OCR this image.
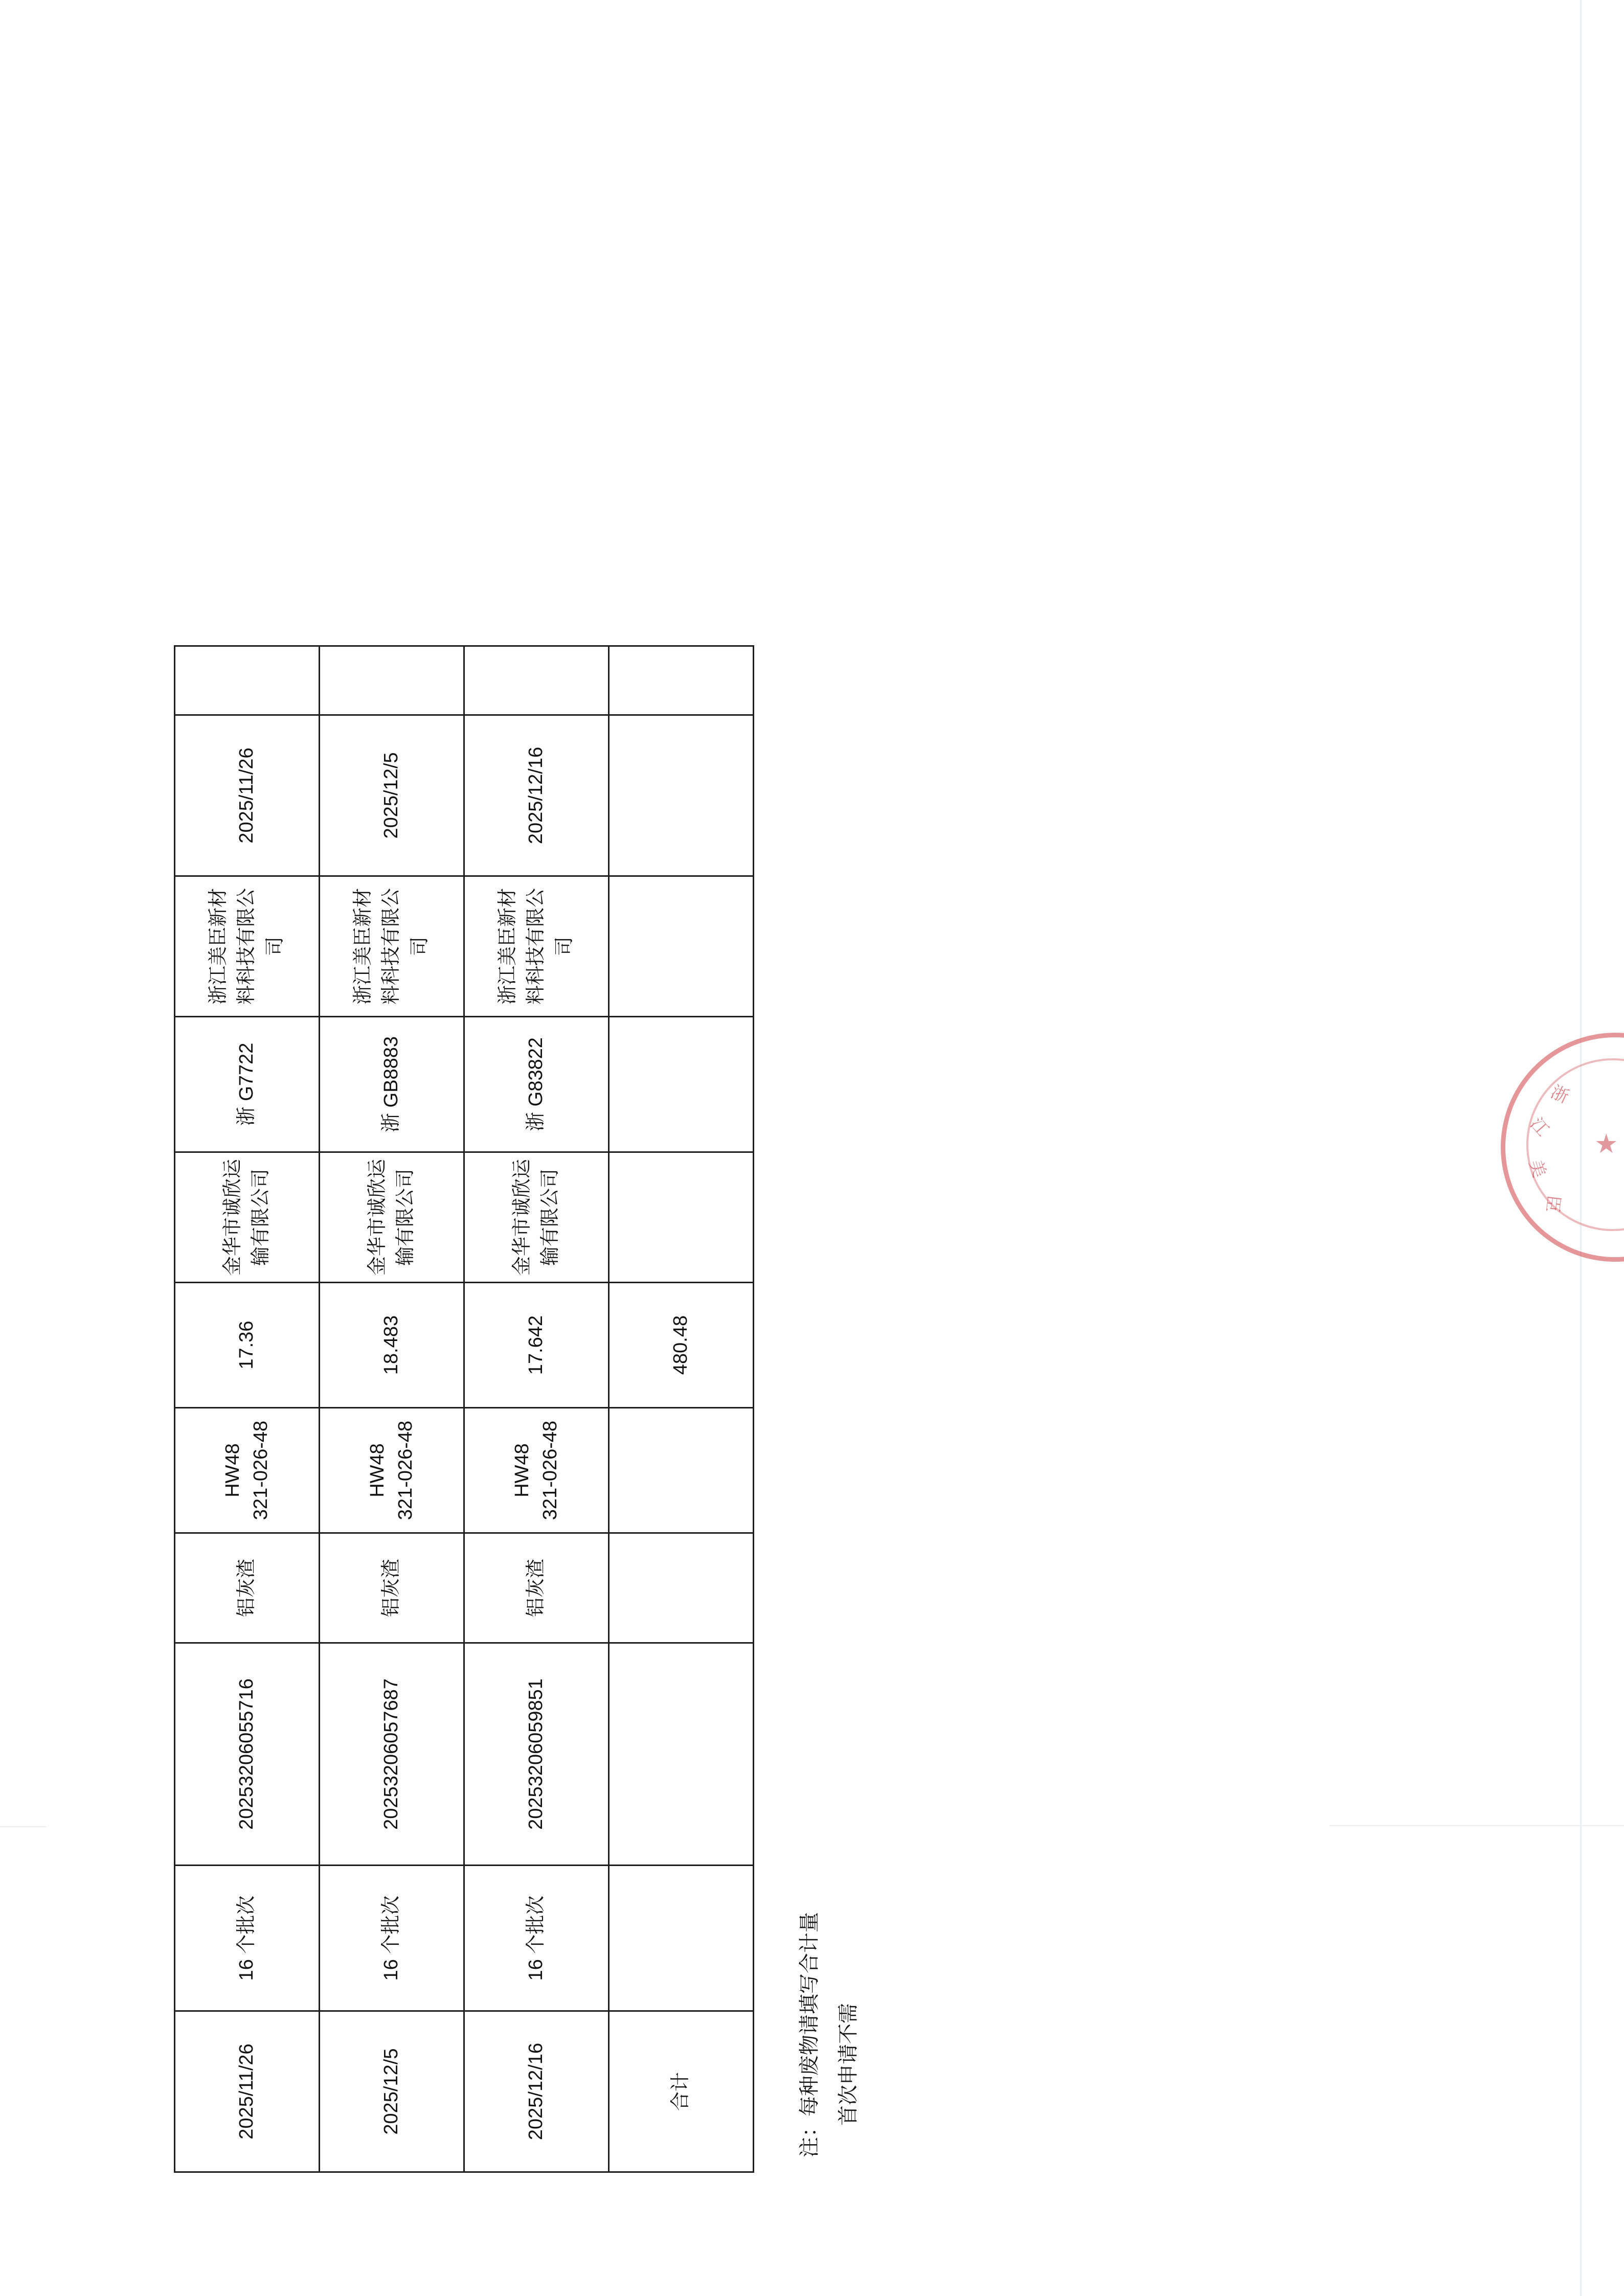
2025/11/26	16 个批次	20253206055716	铝灰渣	HW48 321-026-48	17.36	金华市诚欣运输有限公司	浙 G7722	浙江美臣新材料科技有限公司	2025/11/26	
2025/12/5	16 个批次	20253206057687	铝灰渣	HW48 321-026-48	18.483	金华市诚欣运输有限公司	浙 GB8883	浙江美臣新材料科技有限公司	2025/12/5	
2025/12/16	16 个批次	20253206059851	铝灰渣	HW48 321-026-48	17.642	金华市诚欣运输有限公司	浙 G83822	浙江美臣新材料科技有限公司	2025/12/16	
合计					480.48					
注：每种废物请填写合计量 首次申请不需
浙
江
美
臣
★
